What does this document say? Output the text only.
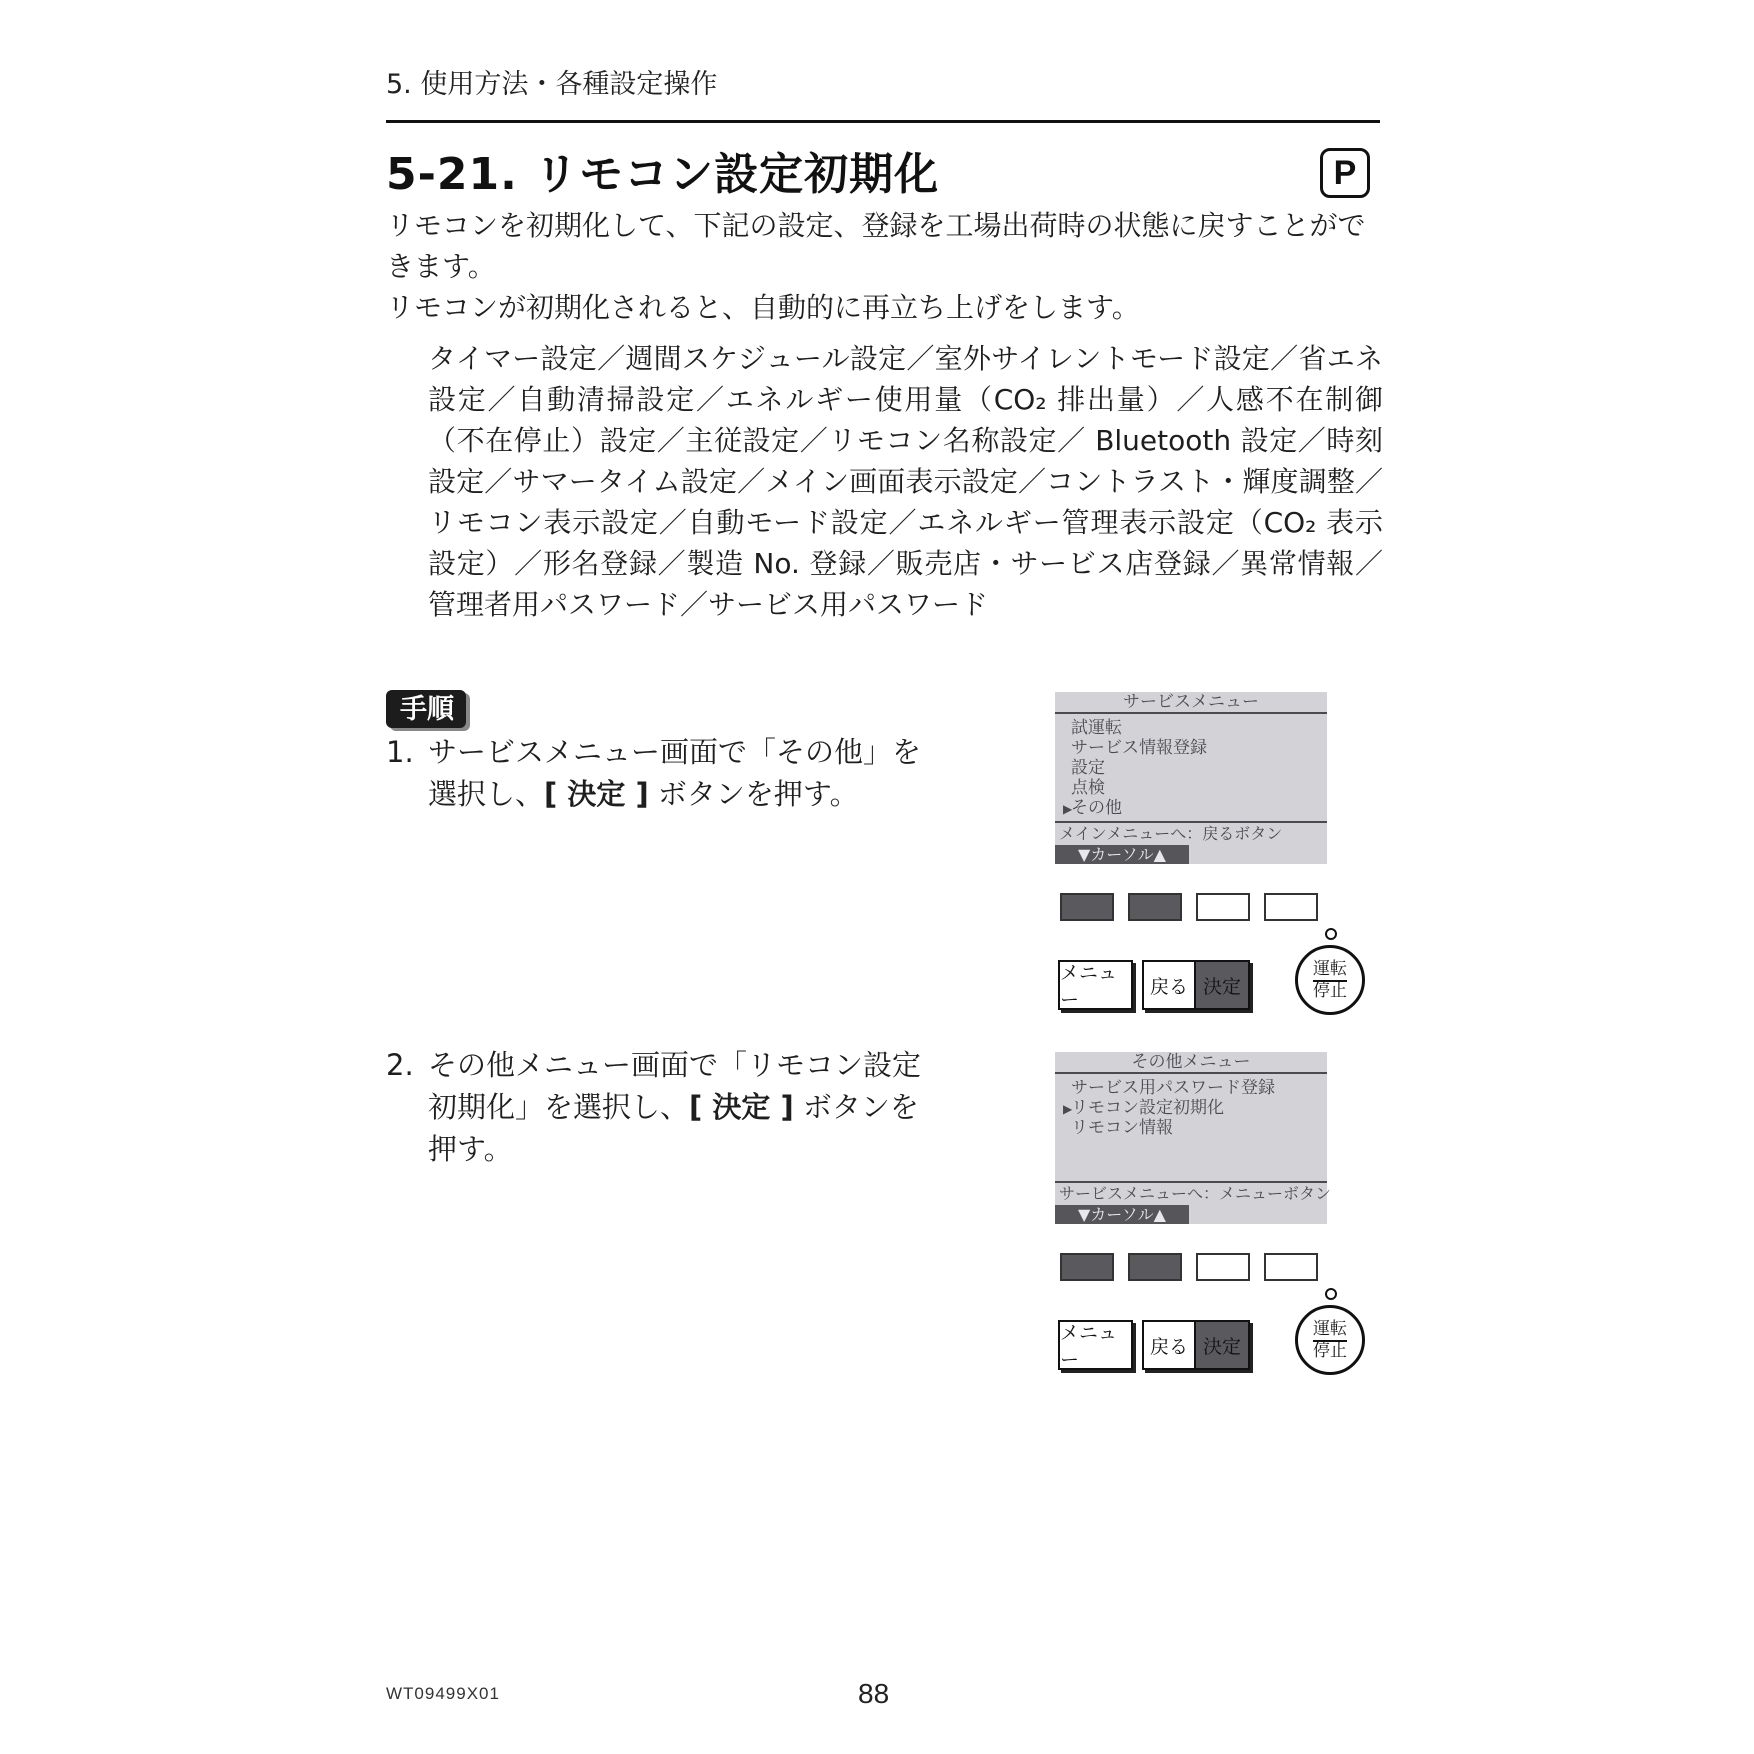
5. 使用方法・各種設定操作
5-21. リモコン設定初期化	P

リモコンを初期化して、下記の設定、登録を工場出荷時の状態に戻すことができます。

リモコンが初期化されると、自動的に再立ち上げをします。

タイマー設定／週間スケジュール設定／室外サイレントモード設定／省エネ設定／自動清掃設定／エネルギー使用量（CO₂ 排出量）／人感不在制御（不在停止）設定／主従設定／リモコン名称設定／ Bluetooth 設定／時刻設定／サマータイム設定／メイン画面表示設定／コントラスト・輝度調整／リモコン表示設定／自動モード設定／エネルギー管理表示設定（CO₂ 表示設定）／形名登録／製造 No. 登録／販売店・サービス店登録／異常情報／管理者用パスワード／サービス用パスワード
手順
1. サービスメニュー画面で「その他」を選択し、[ 決定 ] ボタンを押す。
2. その他メニュー画面で「リモコン設定初期化」を選択し、[ 決定 ] ボタンを押す。
サービスメニュー
試運転
サービス情報登録
設定
点検
▶その他
メインメニューへ：戻るボタン
▼カーソル▲
メニュー
戻る 決定
運転
停止
その他メニュー
サービス用パスワード登録
▶リモコン設定初期化
リモコン情報
サービスメニューへ：メニューボタン
▼カーソル▲
メニュー
戻る 決定
運転
停止
WT09499X01	88
